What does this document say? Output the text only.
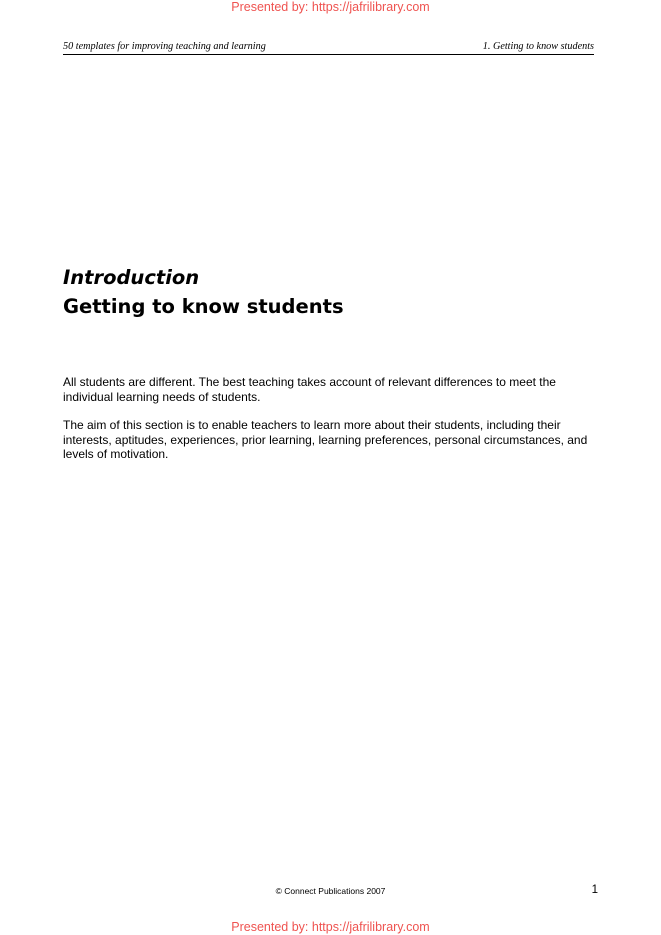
Presented by: https://jafrilibrary.com
50 templates for improving teaching and learning	1. Getting to know students
Introduction
Getting to know students

All students are different. The best teaching takes account of relevant differences to meet the individual learning needs of students.

The aim of this section is to enable teachers to learn more about their students, including their interests, aptitudes, experiences, prior learning, learning preferences, personal circumstances, and levels of motivation.

© Connect Publications 2007	1

Presented by: https://jafrilibrary.com
